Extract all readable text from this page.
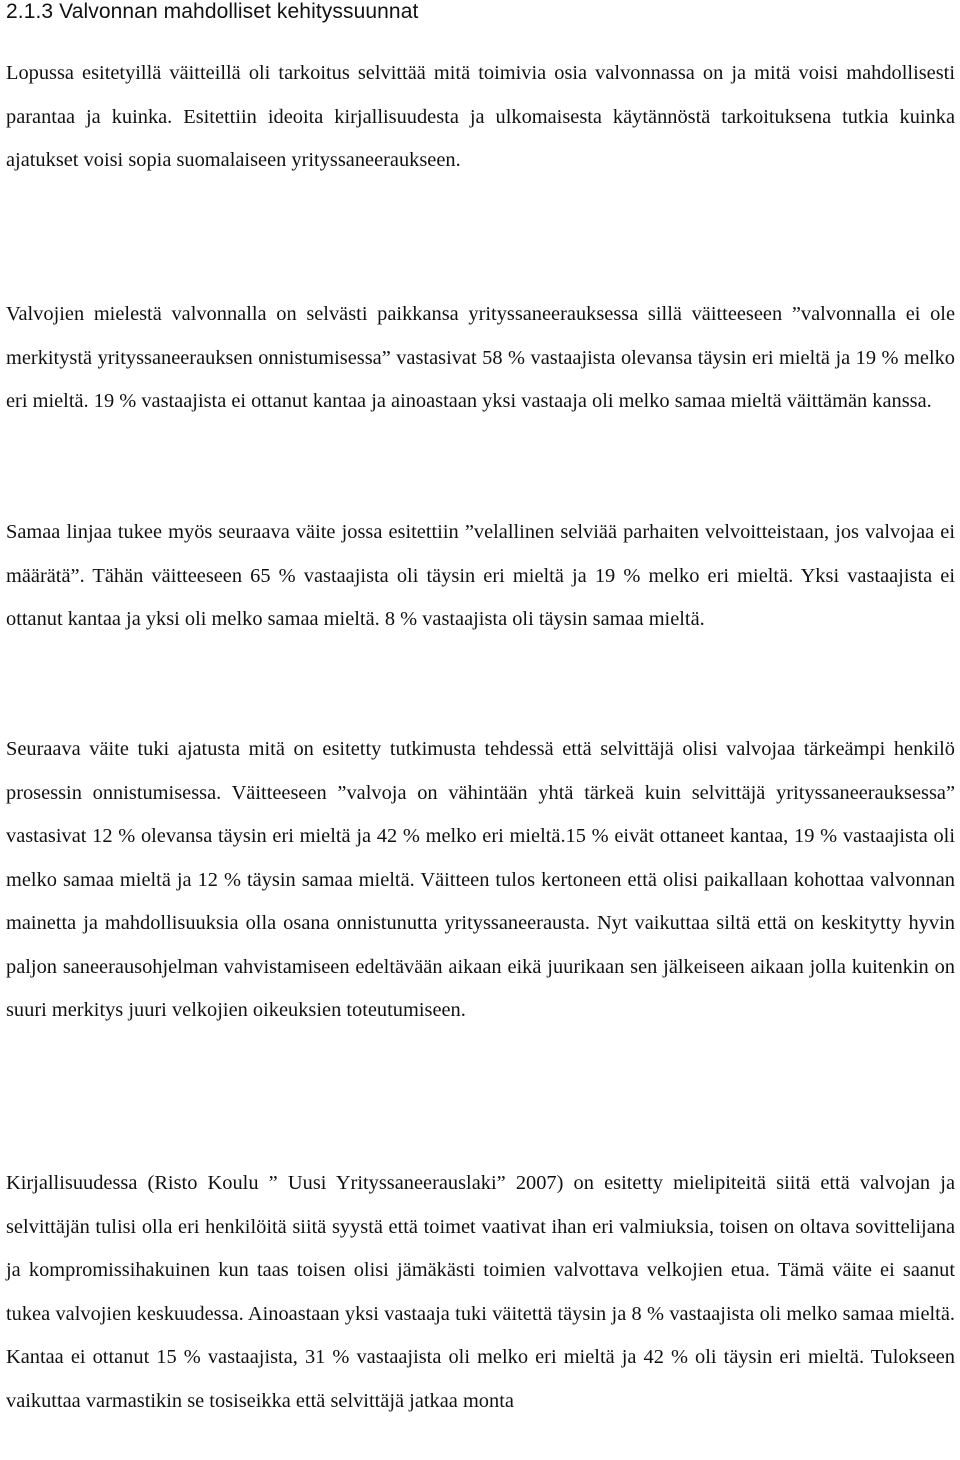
2.1.3 Valvonnan mahdolliset kehityssuunnat

Lopussa esitetyillä väitteillä oli tarkoitus selvittää mitä toimivia osia valvonnassa on ja mitä voisi mahdollisesti parantaa ja kuinka. Esitettiin ideoita kirjallisuudesta ja ulkomaisesta käytännöstä tarkoituksena tutkia kuinka ajatukset voisi sopia suomalaiseen yrityssaneeraukseen.

Valvojien mielestä valvonnalla on selvästi paikkansa yrityssaneerauksessa sillä väitteeseen ”valvonnalla ei ole merkitystä yrityssaneerauksen onnistumisessa” vastasivat 58 % vastaajista olevansa täysin eri mieltä ja 19 % melko eri mieltä. 19 % vastaajista ei ottanut kantaa ja ainoastaan yksi vastaaja oli melko samaa mieltä väittämän kanssa.

Samaa linjaa tukee myös seuraava väite jossa esitettiin ”velallinen selviää parhaiten velvoitteistaan, jos valvojaa ei määrätä”. Tähän väitteeseen 65 % vastaajista oli täysin eri mieltä ja 19 % melko eri mieltä. Yksi vastaajista ei ottanut kantaa ja yksi oli melko samaa mieltä. 8 % vastaajista oli täysin samaa mieltä.

Seuraava väite tuki ajatusta mitä on esitetty tutkimusta tehdessä että selvittäjä olisi valvojaa tärkeämpi henkilö prosessin onnistumisessa. Väitteeseen ”valvoja on vähintään yhtä tärkeä kuin selvittäjä yrityssaneerauksessa” vastasivat 12 % olevansa täysin eri mieltä ja 42 % melko eri mieltä.15 % eivät ottaneet kantaa, 19 % vastaajista oli melko samaa mieltä ja 12 % täysin samaa mieltä. Väitteen tulos kertoneen että olisi paikallaan kohottaa valvonnan mainetta ja mahdollisuuksia olla osana onnistunutta yrityssaneerausta. Nyt vaikuttaa siltä että on keskitytty hyvin paljon saneerausohjelman vahvistamiseen edeltävään aikaan eikä juurikaan sen jälkeiseen aikaan jolla kuitenkin on suuri merkitys juuri velkojien oikeuksien toteutumiseen.

Kirjallisuudessa (Risto Koulu ” Uusi Yrityssaneerauslaki” 2007) on esitetty mielipiteitä siitä että valvojan ja selvittäjän tulisi olla eri henkilöitä siitä syystä että toimet vaativat ihan eri valmiuksia, toisen on oltava sovittelijana ja kompromissihakuinen kun taas toisen olisi jämäkästi toimien valvottava velkojien etua. Tämä väite ei saanut tukea valvojien keskuudessa. Ainoastaan yksi vastaaja tuki väitettä täysin ja 8 % vastaajista oli melko samaa mieltä. Kantaa ei ottanut 15 % vastaajista, 31 % vastaajista oli melko eri mieltä ja 42 % oli täysin eri mieltä. Tulokseen vaikuttaa varmastikin se tosiseikka että selvittäjä jatkaa monta
